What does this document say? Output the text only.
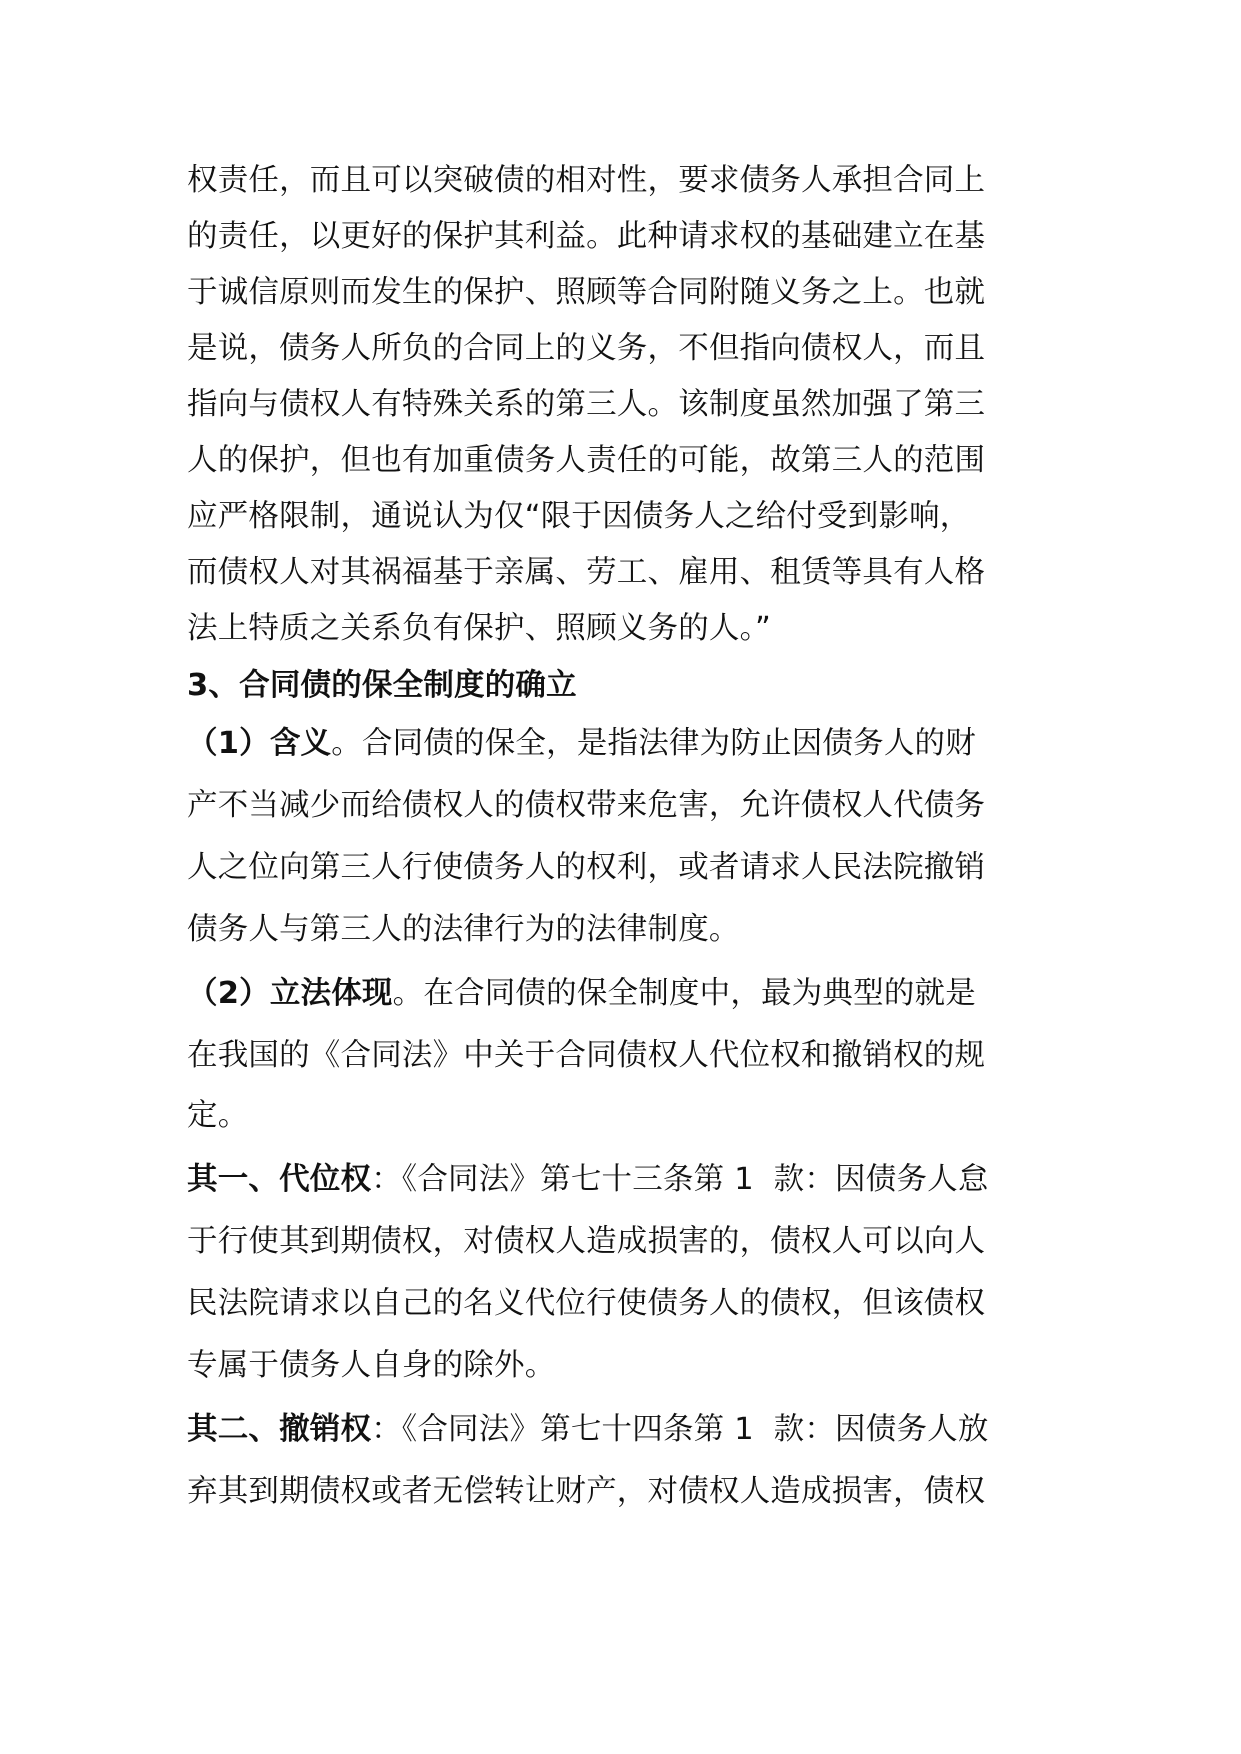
权责任，而且可以突破债的相对性，要求债务人承担合同上
的责任，以更好的保护其利益。此种请求权的基础建立在基
于诚信原则而发生的保护、照顾等合同附随义务之上。也就
是说，债务人所负的合同上的义务，不但指向债权人，而且
指向与债权人有特殊关系的第三人。该制度虽然加强了第三
人的保护，但也有加重债务人责任的可能，故第三人的范围
应严格限制，通说认为仅“限于因债务人之给付受到影响，
而债权人对其祸福基于亲属、劳工、雇用、租赁等具有人格
法上特质之关系负有保护、照顾义务的人。”
3、合同债的保全制度的确立
（1）含义。合同债的保全，是指法律为防止因债务人的财
产不当减少而给债权人的债权带来危害，允许债权人代债务
人之位向第三人行使债务人的权利，或者请求人民法院撤销
债务人与第三人的法律行为的法律制度。
（2）立法体现。在合同债的保全制度中，最为典型的就是
在我国的《合同法》中关于合同债权人代位权和撤销权的规
定。
其一、代位权：《合同法》第七十三条第 1  款：因债务人怠
于行使其到期债权，对债权人造成损害的，债权人可以向人
民法院请求以自己的名义代位行使债务人的债权，但该债权
专属于债务人自身的除外。
其二、撤销权：《合同法》第七十四条第 1  款：因债务人放
弃其到期债权或者无偿转让财产，对债权人造成损害，债权
